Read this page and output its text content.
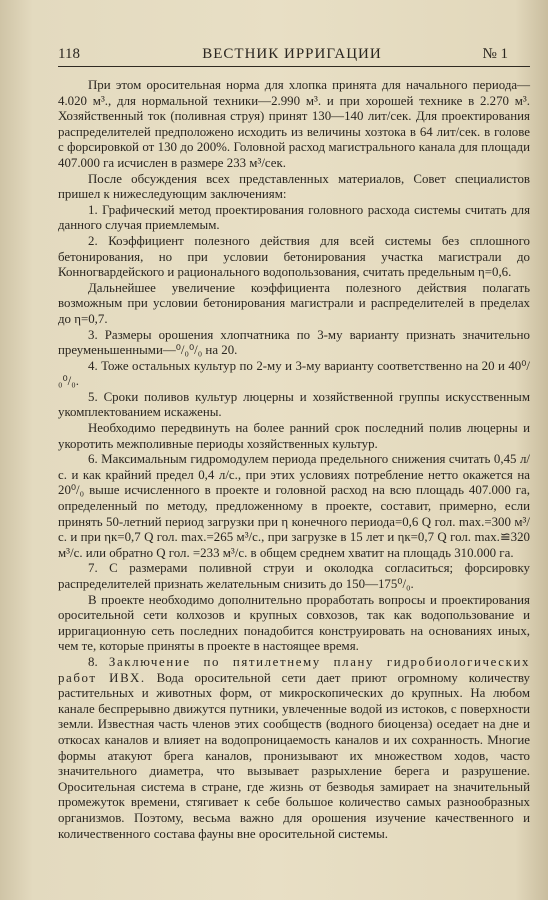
118	ВЕСТНИК ИРРИГАЦИИ	№ 1

При этом оросительная норма для хлопка принята для начального периода—4.020 м³., для нормальной техники—2.990 м³. и при хорошей технике в 2.270 м³. Хозяйственный ток (поливная струя) принят 130—140 лит/сек. Для проектирования распределителей предположено исходить из величины хозтока в 64 лит/сек. в голове с форсировкой от 130 до 200%. Головной расход магистрального канала для площади 407.000 га исчислен в размере 233 м³/сек.

После обсуждения всех представленных материалов, Совет специалистов пришел к нижеследующим заключениям:

1. Графический метод проектирования головного расхода системы считать для данного случая приемлемым.

2. Коэффициент полезного действия для всей системы без сплошного бетонирования, но при условии бетонирования участка магистрали до Конногвардейского и рационального водопользования, считать предельным η=0,6.

Дальнейшее увеличение коэффициента полезного действия полагать возможным при условии бетонирования магистрали и распределителей в пределах до η=0,7.

3. Размеры орошения хлопчатника по 3-му варианту признать значительно преуменьшенными—⁰/₀⁰/₀ на 20.

4. Тоже остальных культур по 2-му и 3-му варианту соответственно на 20 и 40⁰/₀⁰/₀.

5. Сроки поливов культур люцерны и хозяйственной группы искусственным укомплектованием искажены.

Необходимо передвинуть на более ранний срок последний полив люцерны и укоротить межполивные периоды хозяйственных культур.

6. Максимальным гидромодулем периода предельного снижения считать 0,45 л/с. и как крайний предел 0,4 л/с., при этих условиях потребление нетто окажется на 20⁰/₀ выше исчисленного в проекте и головной расход на всю площадь 407.000 га, определенный по методу, предложенному в проекте, составит, примерно, если принять 50-летний период загрузки при η конечного периода=0,6 Q гол. max.=300 м³/с. и при ηк=0,7 Q гол. max.=265 м³/с., при загрузке в 15 лет и ηк=0,7 Q гол. max.≌320 м³/с. или обратно Q гол. =233 м³/с. в общем среднем хватит на площадь 310.000 га.

7. С размерами поливной струи и околодка согласиться; форсировку распределителей признать желательным снизить до 150—175⁰/₀.

В проекте необходимо дополнительно проработать вопросы и проектирования оросительной сети колхозов и крупных совхозов, так как водопользование и ирригационную сеть последних понадобится конструировать на основаниях иных, чем те, которые приняты в проекте в настоящее время.

8. Заключение по пятилетнему плану гидробиологических работ ИВХ. Вода оросительной сети дает приют огромному количеству растительных и животных форм, от микроскопических до крупных. На любом канале беспрерывно движутся путники, увлеченные водой из истоков, с поверхности земли. Известная часть членов этих сообществ (водного биоценза) оседает на дне и откосах каналов и влияет на водопроницаемость каналов и их сохранность. Многие формы атакуют брега каналов, пронизывают их множеством ходов, часто значительного диаметра, что вызывает разрыхление берега и разрушение. Оросительная система в стране, где жизнь от безводья замирает на значительный промежуток времени, стягивает к себе большое количество самых разнообразных организмов. Поэтому, весьма важно для орошения изучение качественного и количественного состава фауны вне оросительной системы.
